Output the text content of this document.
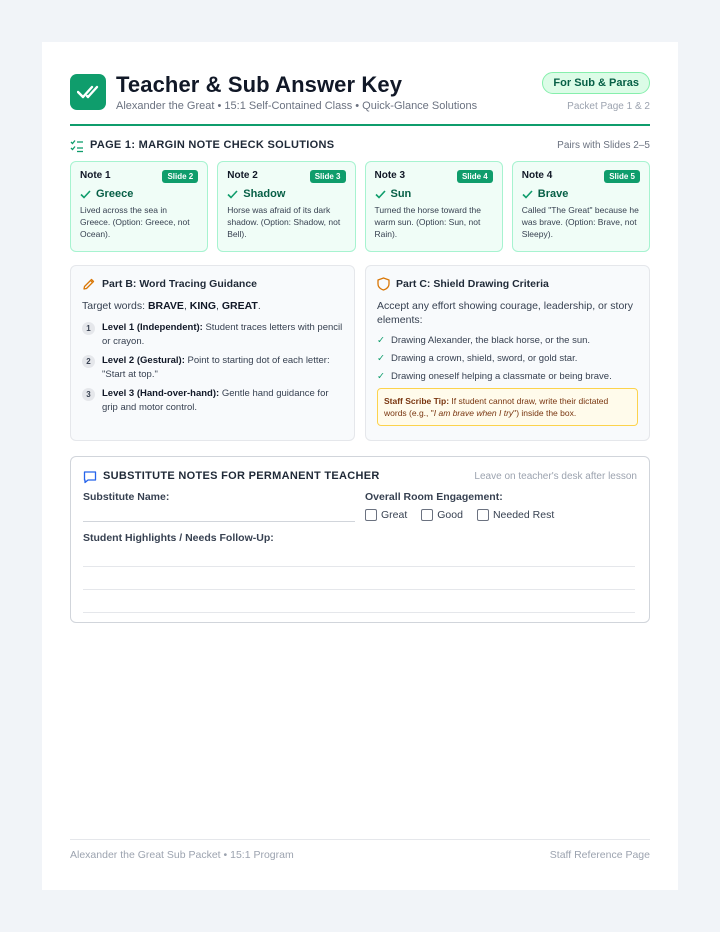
Teacher & Sub Answer Key
Alexander the Great • 15:1 Self-Contained Class • Quick-Glance Solutions
For Sub & Paras
Packet Page 1 & 2
PAGE 1: MARGIN NOTE CHECK SOLUTIONS	Pairs with Slides 2–5
Note 1	Slide 2
Greece
Lived across the sea in Greece. (Option: Greece, not Ocean).
Note 2	Slide 3
Shadow
Horse was afraid of its dark shadow. (Option: Shadow, not Bell).
Note 3	Slide 4
Sun
Turned the horse toward the warm sun. (Option: Sun, not Rain).
Note 4	Slide 5
Brave
Called "The Great" because he was brave. (Option: Brave, not Sleepy).
Part B: Word Tracing Guidance
Target words: BRAVE, KING, GREAT.
1	Level 1 (Independent): Student traces letters with pencil or crayon.
2	Level 2 (Gestural): Point to starting dot of each letter: "Start at top."
3	Level 3 (Hand-over-hand): Gentle hand guidance for grip and motor control.
Part C: Shield Drawing Criteria
Accept any effort showing courage, leadership, or story elements:
✓ Drawing Alexander, the black horse, or the sun.
✓ Drawing a crown, shield, sword, or gold star.
✓ Drawing oneself helping a classmate or being brave.
Staff Scribe Tip: If student cannot draw, write their dictated words (e.g., "I am brave when I try") inside the box.
SUBSTITUTE NOTES FOR PERMANENT TEACHER	Leave on teacher's desk after lesson
Substitute Name:	Overall Room Engagement:
Great	Good	Needed Rest
Student Highlights / Needs Follow-Up:
Alexander the Great Sub Packet • 15:1 Program	Staff Reference Page
